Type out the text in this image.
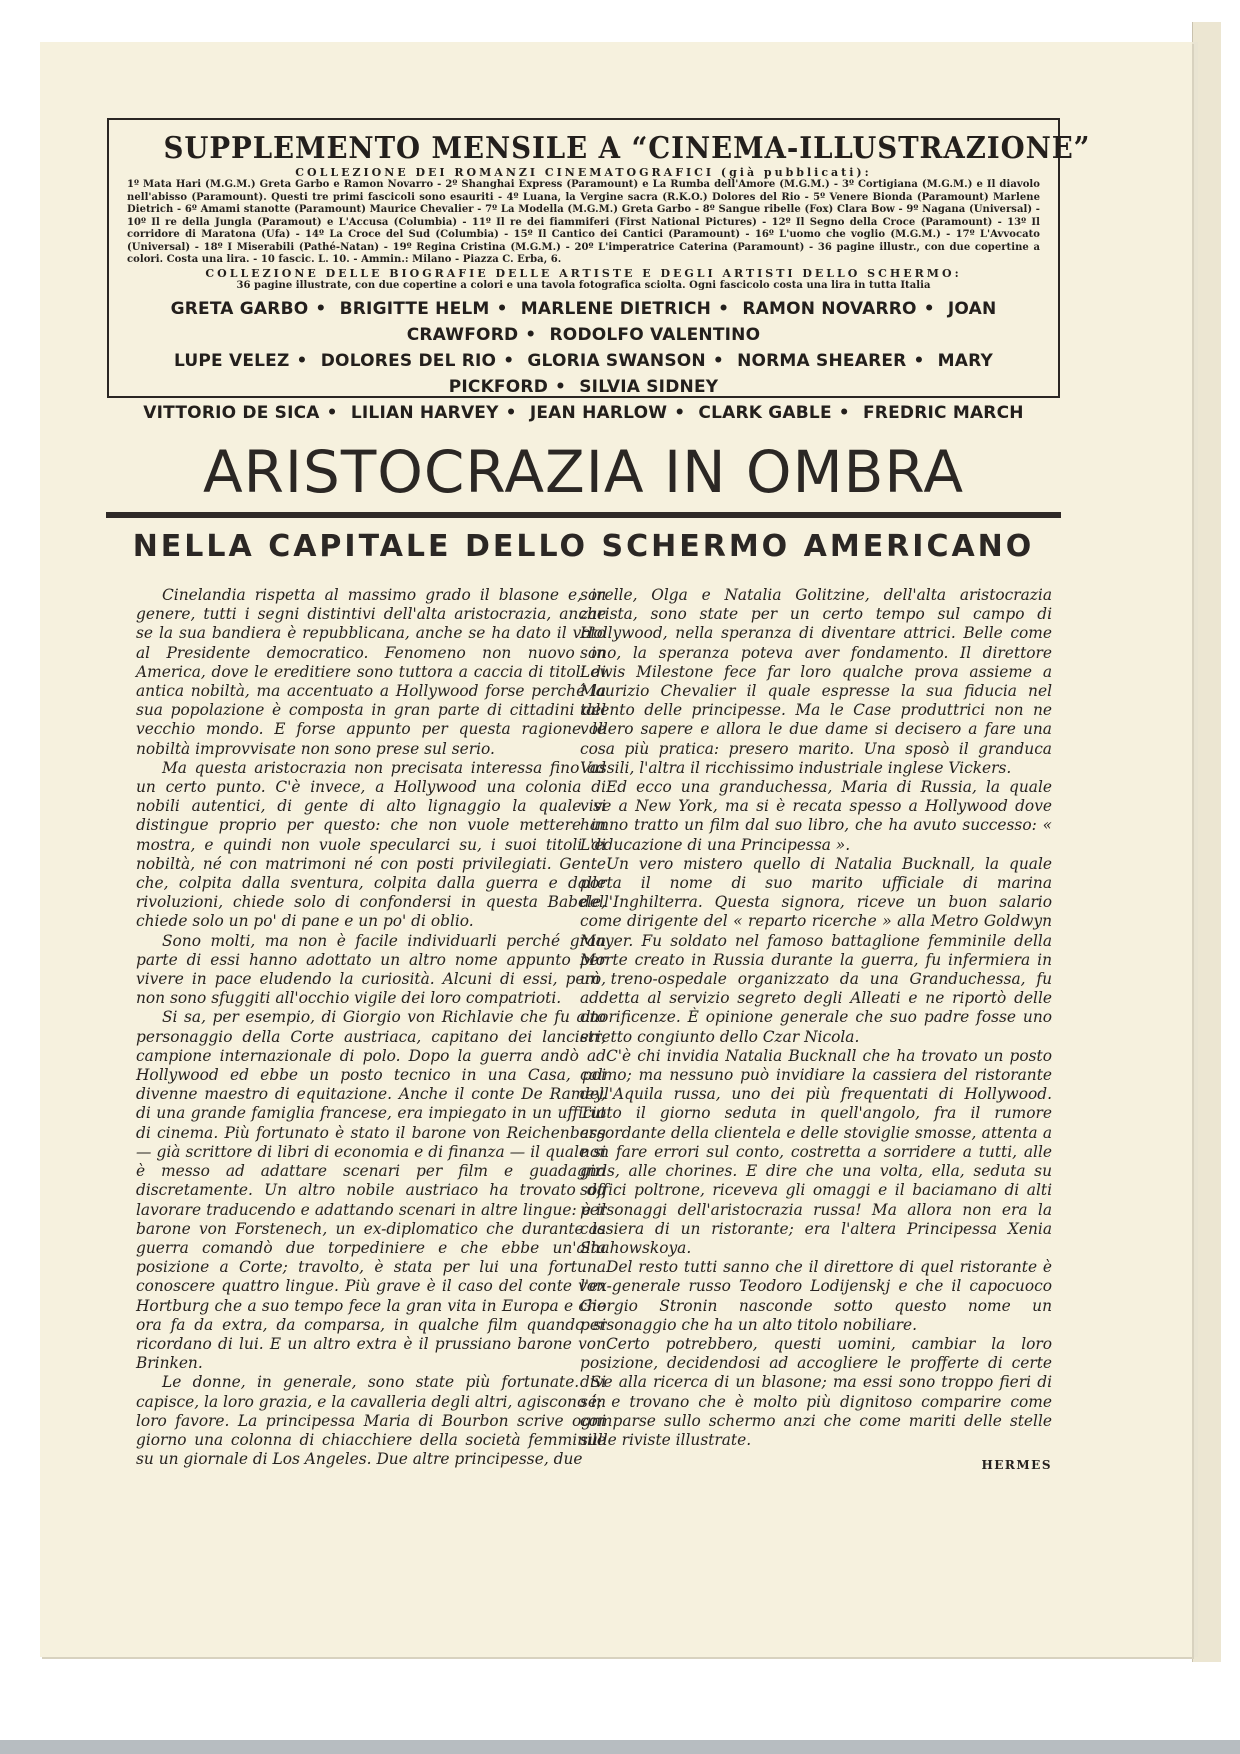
SUPPLEMENTO MENSILE A “CINEMA-ILLUSTRAZIONE”

COLLEZIONE DEI ROMANZI CINEMATOGRAFICI (già pubblicati):

1º Mata Hari (M.G.M.) Greta Garbo e Ramon Novarro - 2º Shanghai Express (Paramount) e La Rumba dell'Amore (M.G.M.) - 3º Cortigiana (M.G.M.) e Il diavolo nell'abisso (Paramount). Questi tre primi fascicoli sono esauriti - 4º Luana, la Vergine sacra (R.K.O.) Dolores del Rio - 5º Venere Bionda (Paramount) Marlene Dietrich - 6º Amami stanotte (Paramount) Maurice Chevalier - 7º La Modella (M.G.M.) Greta Garbo - 8º Sangue ribelle (Fox) Clara Bow - 9º Nagana (Universal) - 10º Il re della Jungla (Paramout) e L'Accusa (Columbia) - 11º Il re dei fiammiferi (First National Pictures) - 12º Il Segno della Croce (Paramount) - 13º Il corridore di Maratona (Ufa) - 14º La Croce del Sud (Columbia) - 15º Il Cantico dei Cantici (Paramount) - 16º L'uomo che voglio (M.G.M.) - 17º L'Avvocato (Universal) - 18º I Miserabili (Pathé-Natan) - 19º Regina Cristina (M.G.M.) - 20º L'imperatrice Caterina (Paramount) - 36 pagine illustr., con due copertine a colori. Costa una lira. - 10 fascic. L. 10. - Ammin.: Milano - Piazza C. Erba, 6.

COLLEZIONE DELLE BIOGRAFIE DELLE ARTISTE E DEGLI ARTISTI DELLO SCHERMO:

36 pagine illustrate, con due copertine a colori e una tavola fotografica sciolta. Ogni fascicolo costa una lira in tutta Italia

GRETA GARBO • BRIGITTE HELM • MARLENE DIETRICH • RAMON NOVARRO • JOAN CRAWFORD • RODOLFO VALENTINO
LUPE VELEZ • DOLORES DEL RIO • GLORIA SWANSON • NORMA SHEARER • MARY PICKFORD • SILVIA SIDNEY
VITTORIO DE SICA • LILIAN HARVEY • JEAN HARLOW • CLARK GABLE • FREDRIC MARCH
ARISTOCRAZIA IN OMBRA
NELLA CAPITALE DELLO SCHERMO AMERICANO

Cinelandia rispetta al massimo grado il blasone e, in genere, tutti i segni distintivi dell'alta aristocrazia, anche se la sua bandiera è repubblicana, anche se ha dato il voto al Presidente democratico. Fenomeno non nuovo in America, dove le ereditiere sono tuttora a caccia di titoli di antica nobiltà, ma accentuato a Hollywood forse perché la sua popolazione è composta in gran parte di cittadini del vecchio mondo. E forse appunto per questa ragione le nobiltà improvvisate non sono prese sul serio.

Ma questa aristocrazia non precisata interessa fino ad un certo punto. C'è invece, a Hollywood una colonia di nobili autentici, di gente di alto lignaggio la quale si distingue proprio per questo: che non vuole mettere in mostra, e quindi non vuole specularci su, i suoi titoli di nobiltà, né con matrimoni né con posti privilegiati. Gente che, colpita dalla sventura, colpita dalla guerra e dalle rivoluzioni, chiede solo di confondersi in questa Babele, chiede solo un po' di pane e un po' di oblio.

Sono molti, ma non è facile individuarli perché gran parte di essi hanno adottato un altro nome appunto per vivere in pace eludendo la curiosità. Alcuni di essi, però, non sono sfuggiti all'occhio vigile dei loro compatrioti.

Si sa, per esempio, di Giorgio von Richlavie che fu alto personaggio della Corte austriaca, capitano dei lancieri, campione internazionale di polo. Dopo la guerra andò ad Hollywood ed ebbe un posto tecnico in una Casa, poi divenne maestro di equitazione. Anche il conte De Ramey, di una grande famiglia francese, era impiegato in un ufficio di cinema. Più fortunato è stato il barone von Reichenberg — già scrittore di libri di economia e di finanza — il quale si è messo ad adattare scenari per film e guadagna discretamente. Un altro nobile austriaco ha trovato da lavorare traducendo e adattando scenari in altre lingue: è il barone von Forstenech, un ex-diplomatico che durante la guerra comandò due torpediniere e che ebbe un'alta posizione a Corte; travolto, è stata per lui una fortuna conoscere quattro lingue. Più grave è il caso del conte von Hortburg che a suo tempo fece la gran vita in Europa e che ora fa da extra, da comparsa, in qualche film quando si ricordano di lui. E un altro extra è il prussiano barone von Brinken.

Le donne, in generale, sono state più fortunate. Si capisce, la loro grazia, e la cavalleria degli altri, agiscono in loro favore. La principessa Maria di Bourbon scrive ogni giorno una colonna di chiacchiere della società femminile su un giornale di Los Angeles. Due altre principesse, due

sorelle, Olga e Natalia Golitzine, dell'alta aristocrazia zarista, sono state per un certo tempo sul campo di Hollywood, nella speranza di diventare attrici. Belle come sono, la speranza poteva aver fondamento. Il direttore Lewis Milestone fece far loro qualche prova assieme a Maurizio Chevalier il quale espresse la sua fiducia nel talento delle principesse. Ma le Case produttrici non ne vollero sapere e allora le due dame si decisero a fare una cosa più pratica: presero marito. Una sposò il granduca Vassili, l'altra il ricchissimo industriale inglese Vickers.

Ed ecco una granduchessa, Maria di Russia, la quale vive a New York, ma si è recata spesso a Hollywood dove hanno tratto un film dal suo libro, che ha avuto successo: « L'educazione di una Principessa ».

Un vero mistero quello di Natalia Bucknall, la quale porta il nome di suo marito ufficiale di marina dell'Inghilterra. Questa signora, riceve un buon salario come dirigente del « reparto ricerche » alla Metro Goldwyn Mayer. Fu soldato nel famoso battaglione femminile della Morte creato in Russia durante la guerra, fu infermiera in un treno-ospedale organizzato da una Granduchessa, fu addetta al servizio segreto degli Alleati e ne riportò delle onorificenze. È opinione generale che suo padre fosse uno stretto congiunto dello Czar Nicola.

C'è chi invidia Natalia Bucknall che ha trovato un posto calmo; ma nessuno può invidiare la cassiera del ristorante dell'Aquila russa, uno dei più frequentati di Hollywood. Tutto il giorno seduta in quell'angolo, fra il rumore assordante della clientela e delle stoviglie smosse, attenta a non fare errori sul conto, costretta a sorridere a tutti, alle girls, alle chorines. E dire che una volta, ella, seduta su soffici poltrone, riceveva gli omaggi e il baciamano di alti personaggi dell'aristocrazia russa! Ma allora non era la cassiera di un ristorante; era l'altera Principessa Xenia Shahowskoya.

Del resto tutti sanno che il direttore di quel ristorante è l'ex-generale russo Teodoro Lodijenskj e che il capocuoco Giorgio Stronin nasconde sotto questo nome un personaggio che ha un alto titolo nobiliare.

Certo potrebbero, questi uomini, cambiar la loro posizione, decidendosi ad accogliere le profferte di certe dive alla ricerca di un blasone; ma essi sono troppo fieri di sé; e trovano che è molto più dignitoso comparire come comparse sullo schermo anzi che come mariti delle stelle sulle riviste illustrate.

HERMES
